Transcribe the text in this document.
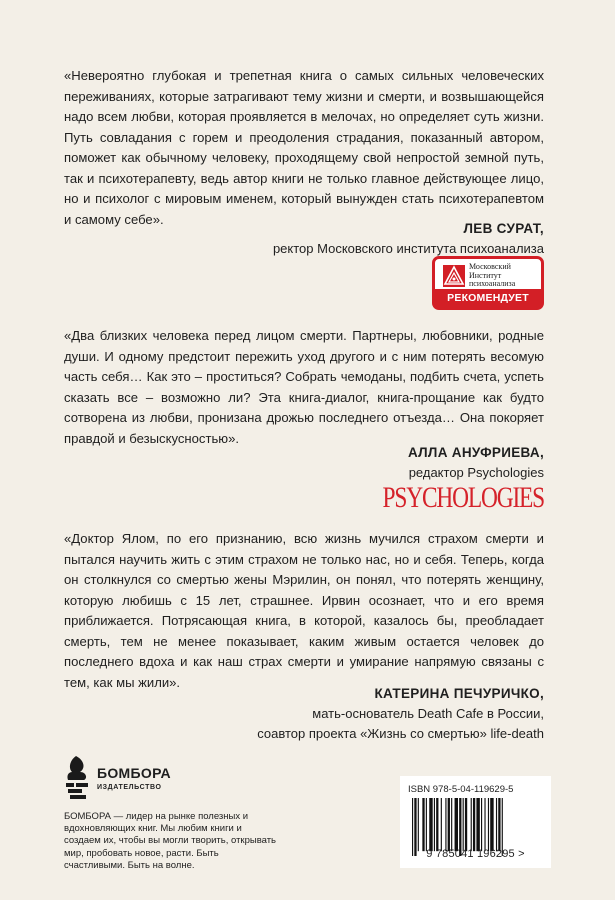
«Невероятно глубокая и трепетная книга о самых сильных человеческих переживаниях, которые затрагивают тему жизни и смерти, и возвышающейся надо всем любви, которая проявляется в мелочах, но определяет суть жизни. Путь совладания с горем и преодоления страдания, показанный автором, поможет как обычному человеку, проходящему свой непростой земной путь, так и психотерапевту, ведь автор книги не только главное действующее лицо, но и психолог с мировым именем, который вынужден стать психотерапевтом и самому себе».
ЛЕВ СУРАТ,
ректор Московского института психоанализа
Московский
Институт
психоанализа
РЕКОМЕНДУЕТ
«Два близких человека перед лицом смерти. Партнеры, любовники, родные души. И одному предстоит пережить уход другого и с ним потерять весомую часть себя… Как это – проститься? Собрать чемоданы, подбить счета, успеть сказать все – возможно ли? Эта книга-диалог, книга-прощание как будто сотворена из любви, пронизана дрожью последнего отъезда… Она покоряет правдой и безыскусностью».
АЛЛА АНУФРИЕВА,
редактор Psychologies
PSYCHOLOGIES
«Доктор Ялом, по его признанию, всю жизнь мучился страхом смерти и пытался научить жить с этим страхом не только нас, но и себя. Теперь, когда он столкнулся со смертью жены Мэрилин, он понял, что потерять женщину, которую любишь с 15 лет, страшнее. Ирвин осознает, что и его время приближается. Потрясающая книга, в которой, казалось бы, преобладает смерть, тем не менее показывает, каким живым остается человек до последнего вдоха и как наш страх смерти и умирание напрямую связаны с тем, как мы жили».
КАТЕРИНА ПЕЧУРИЧКО,
мать-основатель Death Cafe в России,
соавтор проекта «Жизнь со смертью» life-death
БОМБОРА
ИЗДАТЕЛЬСТВО
БОМБОРА — лидер на рынке полезных и вдохновляющих книг. Мы любим книги и создаем их, чтобы вы могли творить, открывать мир, пробовать новое, расти. Быть счастливыми. Быть на волне.
ISBN 978-5-04-119629-5
9 785041 196295 >
